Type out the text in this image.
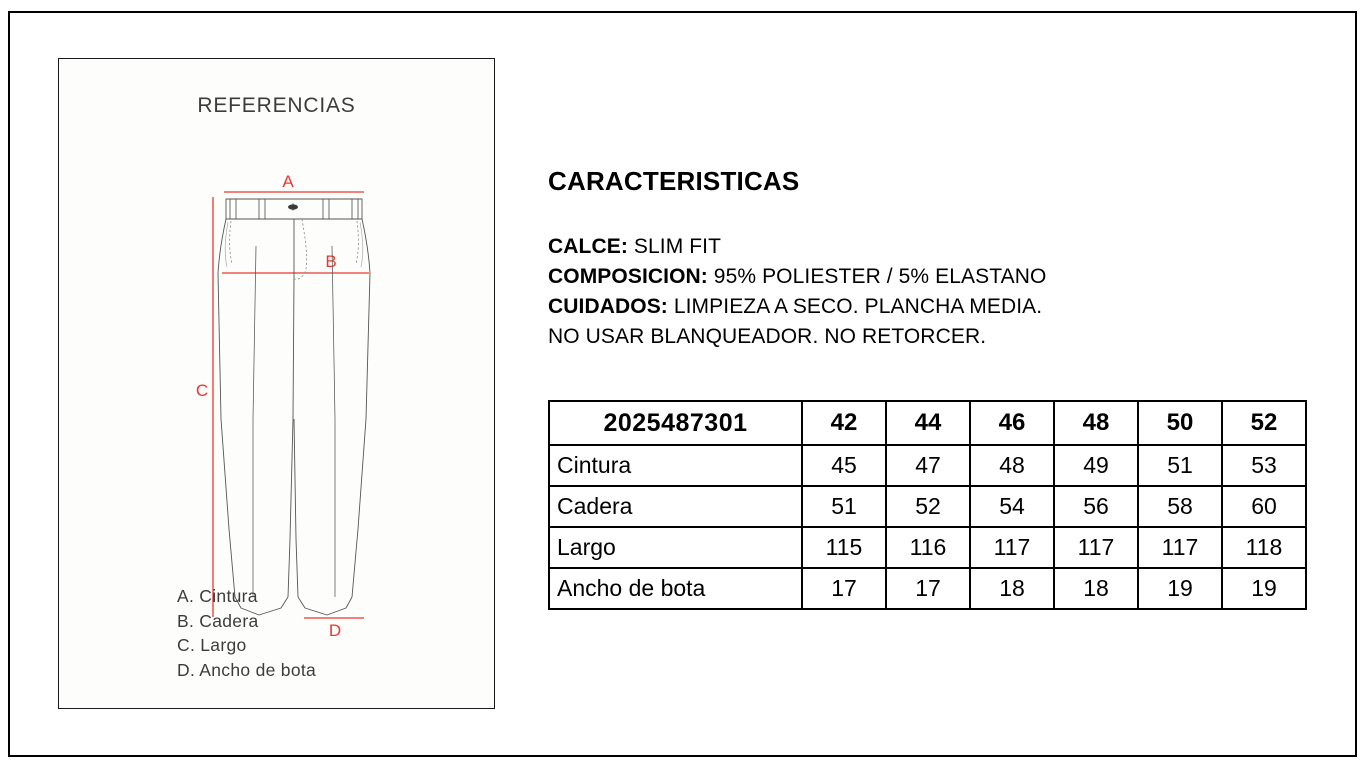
REFERENCIAS
A
B
C
D
A. Cintura
B. Cadera
C. Largo
D. Ancho de bota
CARACTERISTICAS
CALCE: SLIM FIT
COMPOSICION: 95% POLIESTER / 5% ELASTANO
CUIDADOS: LIMPIEZA A SECO. PLANCHA MEDIA.
NO USAR BLANQUEADOR. NO RETORCER.
2025487301	42	44	46	48	50	52
Cintura	45	47	48	49	51	53
Cadera	51	52	54	56	58	60
Largo	115	116	117	117	117	118
Ancho de bota	17	17	18	18	19	19
